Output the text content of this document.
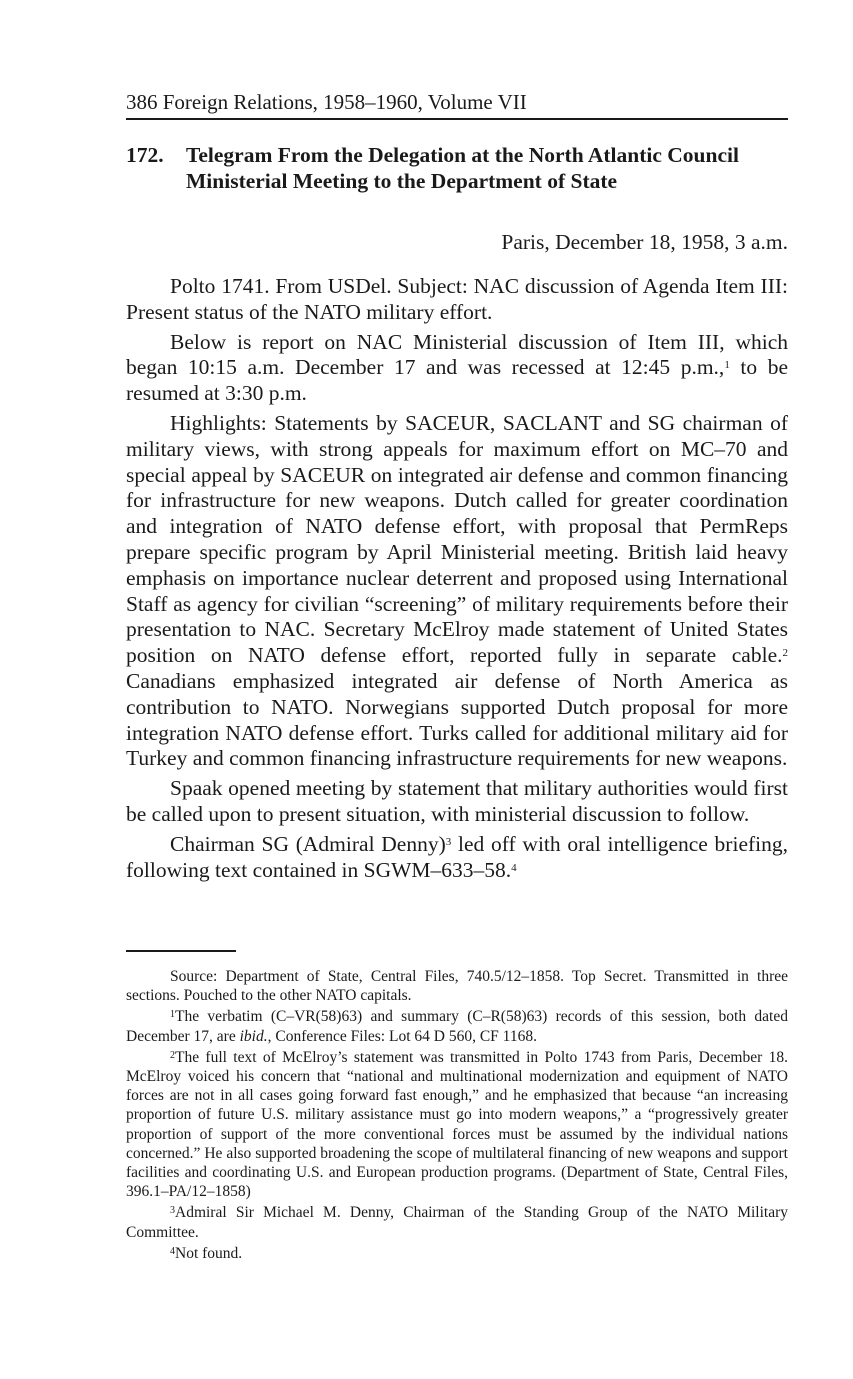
386 Foreign Relations, 1958–1960, Volume VII
172. Telegram From the Delegation at the North Atlantic Council Ministerial Meeting to the Department of State
Paris, December 18, 1958, 3 a.m.

Polto 1741. From USDel. Subject: NAC discussion of Agenda Item III: Present status of the NATO military effort.

Below is report on NAC Ministerial discussion of Item III, which began 10:15 a.m. December 17 and was recessed at 12:45 p.m.,$^1$ to be resumed at 3:30 p.m.

Highlights: Statements by SACEUR, SACLANT and SG chairman of military views, with strong appeals for maximum effort on MC–70 and special appeal by SACEUR on integrated air defense and common financing for infrastructure for new weapons. Dutch called for greater coordination and integration of NATO defense effort, with proposal that PermReps prepare specific program by April Ministerial meeting. British laid heavy emphasis on importance nuclear deterrent and proposed using International Staff as agency for civilian “screening” of military requirements before their presentation to NAC. Secretary McElroy made statement of United States position on NATO defense effort, reported fully in separate cable.$^2$ Canadians emphasized integrated air defense of North America as contribution to NATO. Norwegians supported Dutch proposal for more integration NATO defense effort. Turks called for additional military aid for Turkey and common financing infrastructure requirements for new weapons.

Spaak opened meeting by statement that military authorities would first be called upon to present situation, with ministerial discussion to follow.

Chairman SG (Admiral Denny)$^3$ led off with oral intelligence briefing, following text contained in SGWM–633–58.$^4$

Source: Department of State, Central Files, 740.5/12–1858. Top Secret. Transmitted in three sections. Pouched to the other NATO capitals.

$^1$The verbatim (C–VR(58)63) and summary (C–R(58)63) records of this session, both dated December 17, are ibid., Conference Files: Lot 64 D 560, CF 1168.

$^2$The full text of McElroy’s statement was transmitted in Polto 1743 from Paris, December 18. McElroy voiced his concern that “national and multinational modernization and equipment of NATO forces are not in all cases going forward fast enough,” and he emphasized that because “an increasing proportion of future U.S. military assistance must go into modern weapons,” a “progressively greater proportion of support of the more conventional forces must be assumed by the individual nations concerned.” He also supported broadening the scope of multilateral financing of new weapons and support facilities and coordinating U.S. and European production programs. (Department of State, Central Files, 396.1–PA/12–1858)

$^3$Admiral Sir Michael M. Denny, Chairman of the Standing Group of the NATO Military Committee.

$^4$Not found.
